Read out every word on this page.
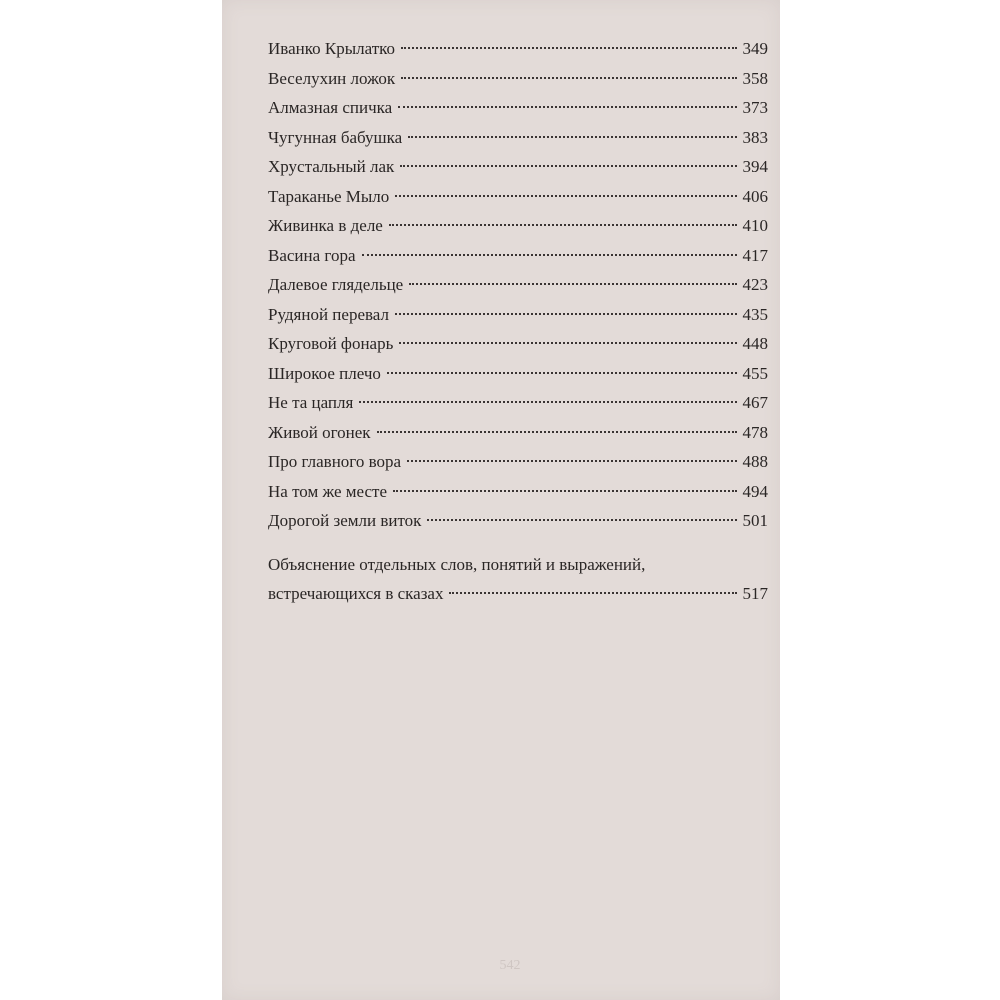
Иванко Крылатко	349
Веселухин ложок	358
Алмазная спичка	373
Чугунная бабушка	383
Хрустальный лак	394
Тараканье Мыло	406
Живинка в деле	410
Васина гора	417
Далевое глядельце	423
Рудяной перевал	435
Круговой фонарь	448
Широкое плечо	455
Не та цапля	467
Живой огонек	478
Про главного вора	488
На том же месте	494
Дорогой земли виток	501
Объяснение отдельных слов, понятий и выражений,
встречающихся в сказах	517
542
